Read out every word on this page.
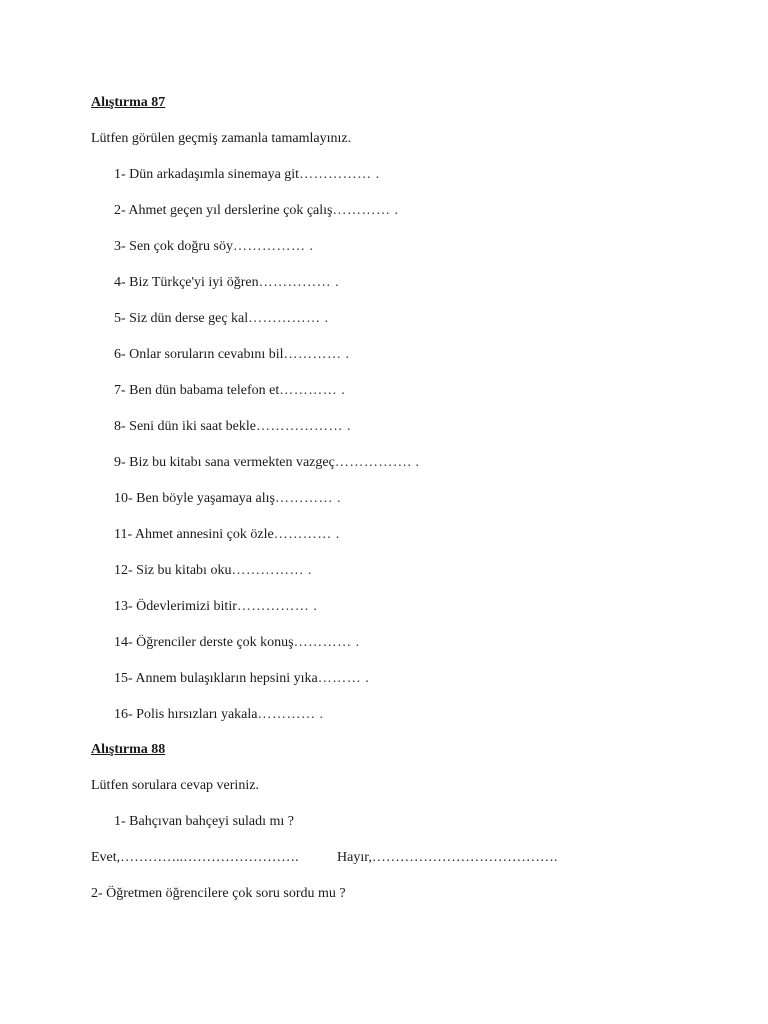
Alıştırma 87
Lütfen görülen geçmiş zamanla tamamlayınız.
1- Dün arkadaşımla sinemaya git…………… .
2- Ahmet geçen yıl derslerine çok çalış………… .
3- Sen çok doğru söy…………… .
4- Biz Türkçe'yi iyi öğren…………… .
5- Siz dün derse geç kal…………… .
6- Onlar soruların cevabını bil………… .
7- Ben dün babama telefon et………… .
8- Seni dün iki saat bekle……………… .
9- Biz bu kitabı sana vermekten vazgeç……………. .
10- Ben böyle yaşamaya alış………… .
11- Ahmet annesini çok özle………… .
12- Siz bu kitabı oku…………… .
13- Ödevlerimizi bitir…………… .
14- Öğrenciler derste çok konuş………… .
15- Annem bulaşıkların hepsini yıka……… .
16- Polis hırsızları yakala………… .
Alıştırma 88
Lütfen sorulara cevap veriniz.
1- Bahçıvan bahçeyi suladı mı ?
Evet,…………..…………………….	Hayır,………………………………….
2- Öğretmen öğrencilere çok soru sordu mu ?
